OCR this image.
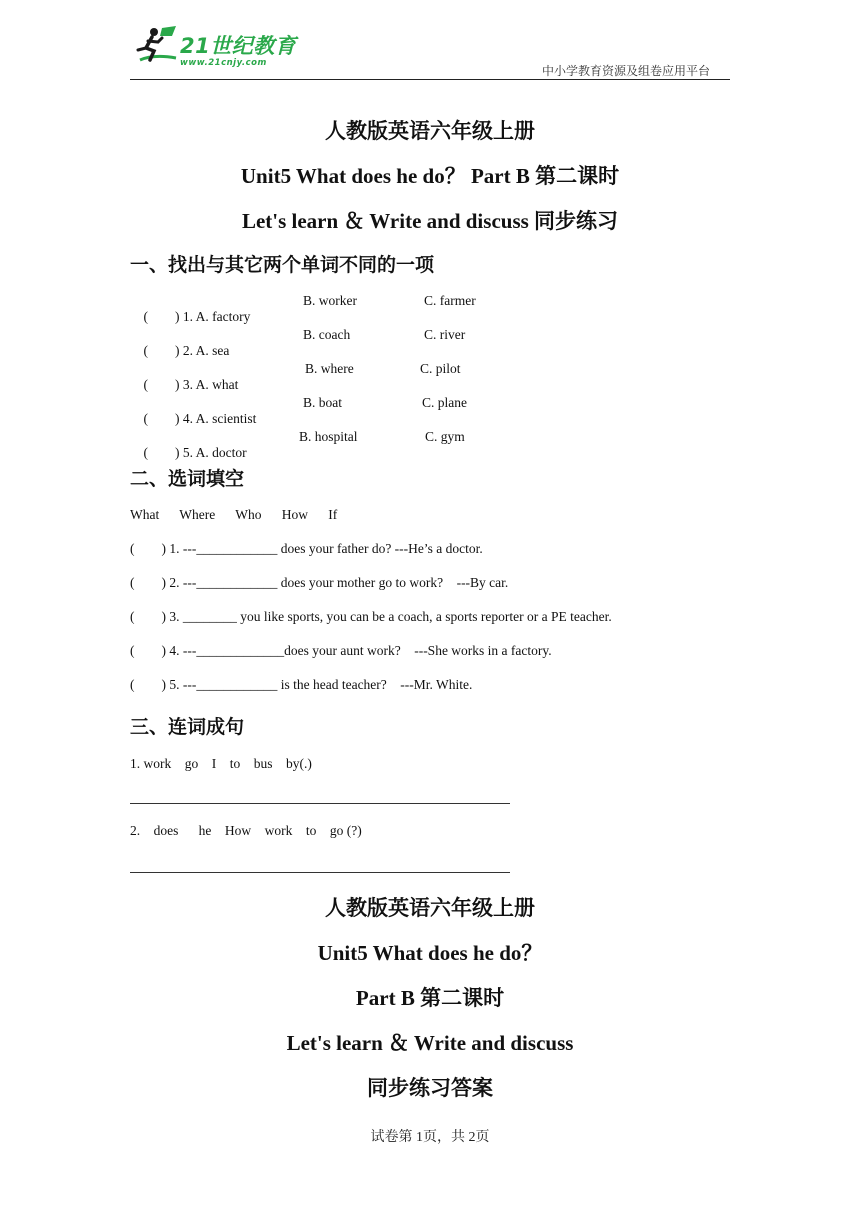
21世纪教育
www.21cnjy.com
中小学教育资源及组卷应用平台
人教版英语六年级上册
Unit5 What does he do？ Part B 第二课时
Let's learn ＆ Write and discuss 同步练习
一、找出与其它两个单词不同的一项

(        ) 1. A. factory

B. worker

	C. farmer

(        ) 2. A. sea

B. coach

	C. river

(        ) 3. A. what

B. where

	C. pilot

(        ) 4. A. scientist

B. boat

	C. plane

(        ) 5. A. doctor

B. hospital

	C. gym

二、选词填空
What      Where      Who      How      If
(        ) 1. ---____________ does your father do? ---He’s a doctor.
(        ) 2. ---____________ does your mother go to work?    ---By car.
(        ) 3. ________ you like sports, you can be a coach, a sports reporter or a PE teacher.
(        ) 4. ---_____________does your aunt work?    ---She works in a factory.
(        ) 5. ---____________ is the head teacher?    ---Mr. White.
三、连词成句
1. work    go    I    to    bus    by(.)
2.    does      he    How    work    to    go (?)
人教版英语六年级上册
Unit5 What does he do？
Part B 第二课时
Let's learn ＆ Write and discuss
同步练习答案
试卷第 1页，共 2页
